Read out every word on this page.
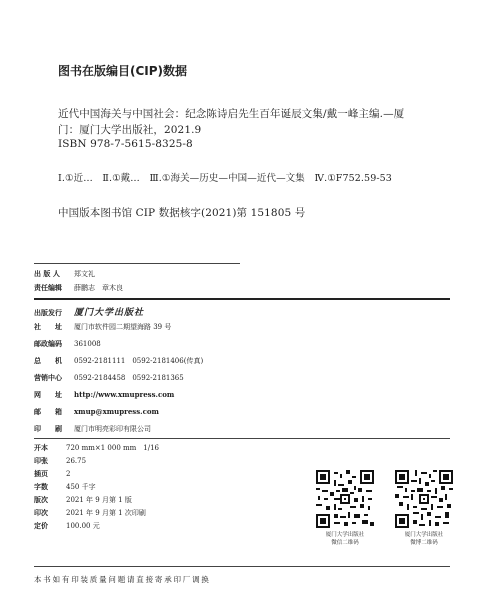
图书在版编目(CIP)数据
近代中国海关与中国社会：纪念陈诗启先生百年诞辰文集/戴一峰主编.—厦
门：厦门大学出版社，2021.9
ISBN 978-7-5615-8325-8
Ⅰ.①近…　Ⅱ.①戴…　Ⅲ.①海关—历史—中国—近代—文集　Ⅳ.①F752.59-53
中国版本图书馆 CIP 数据核字(2021)第 151805 号
出 版 人 郑文礼
责任编辑 薛鹏志　章木良
出版发行 厦门大学出版社
社　　址 厦门市软件园二期望海路 39 号
邮政编码 361008
总　　机 0592-2181111　0592-2181406(传真)
营销中心 0592-2184458　0592-2181365
网　　址 http://www.xmupress.com
邮　　箱 xmup@xmupress.com
印　　刷 厦门市明亮彩印有限公司
开本	720 mm×1 000 mm　1/16
印张	26.75
插页	2
字数	450 千字
版次	2021 年 9 月第 1 版
印次	2021 年 9 月第 1 次印刷
定价	100.00 元
厦门大学出版社
微信二维码
厦门大学出版社
微博二维码
本书如有印装质量问题请直接寄承印厂调换
